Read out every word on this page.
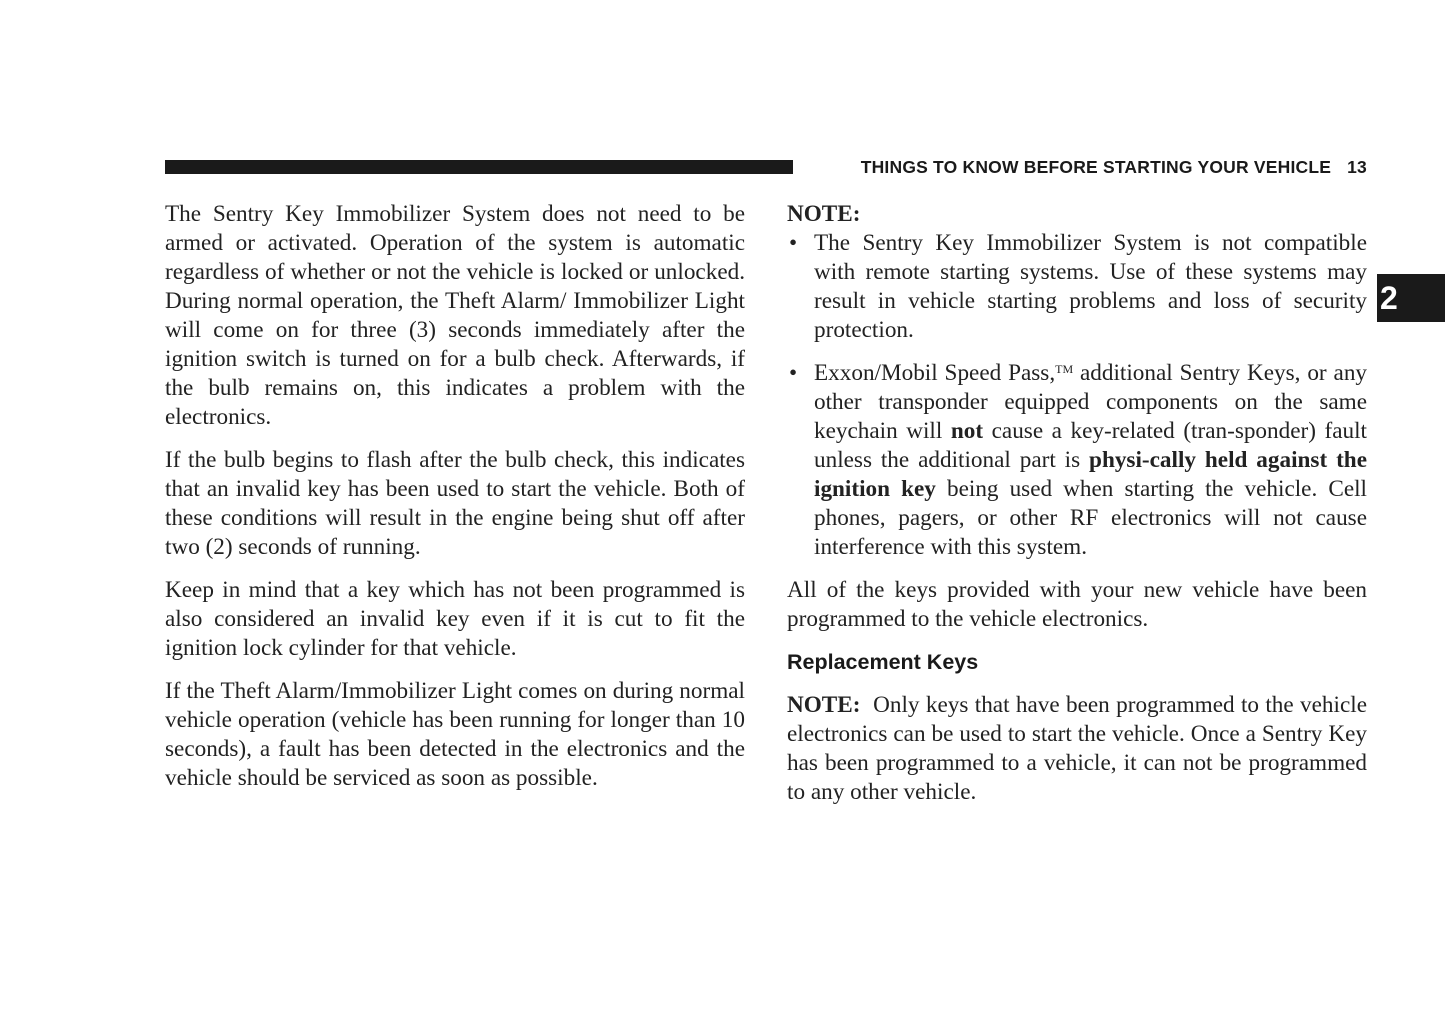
THINGS TO KNOW BEFORE STARTING YOUR VEHICLE 13
2

The Sentry Key Immobilizer System does not need to be armed or activated. Operation of the system is automatic regardless of whether or not the vehicle is locked or unlocked. During normal operation, the Theft Alarm/ Immobilizer Light will come on for three (3) seconds immediately after the ignition switch is turned on for a bulb check. Afterwards, if the bulb remains on, this indicates a problem with the electronics.

If the bulb begins to flash after the bulb check, this indicates that an invalid key has been used to start the vehicle. Both of these conditions will result in the engine being shut off after two (2) seconds of running.

Keep in mind that a key which has not been programmed is also considered an invalid key even if it is cut to fit the ignition lock cylinder for that vehicle.

If the Theft Alarm/Immobilizer Light comes on during normal vehicle operation (vehicle has been running for longer than 10 seconds), a fault has been detected in the electronics and the vehicle should be serviced as soon as possible.

NOTE:
• The Sentry Key Immobilizer System is not compatible with remote starting systems. Use of these systems may result in vehicle starting problems and loss of security protection.
• Exxon/Mobil Speed Pass,™ additional Sentry Keys, or any other transponder equipped components on the same keychain will not cause a key-related (tran-sponder) fault unless the additional part is physi-cally held against the ignition key being used when starting the vehicle. Cell phones, pagers, or other RF electronics will not cause interference with this system.

All of the keys provided with your new vehicle have been programmed to the vehicle electronics.

Replacement Keys

NOTE:  Only keys that have been programmed to the vehicle electronics can be used to start the vehicle. Once a Sentry Key has been programmed to a vehicle, it can not be programmed to any other vehicle.
